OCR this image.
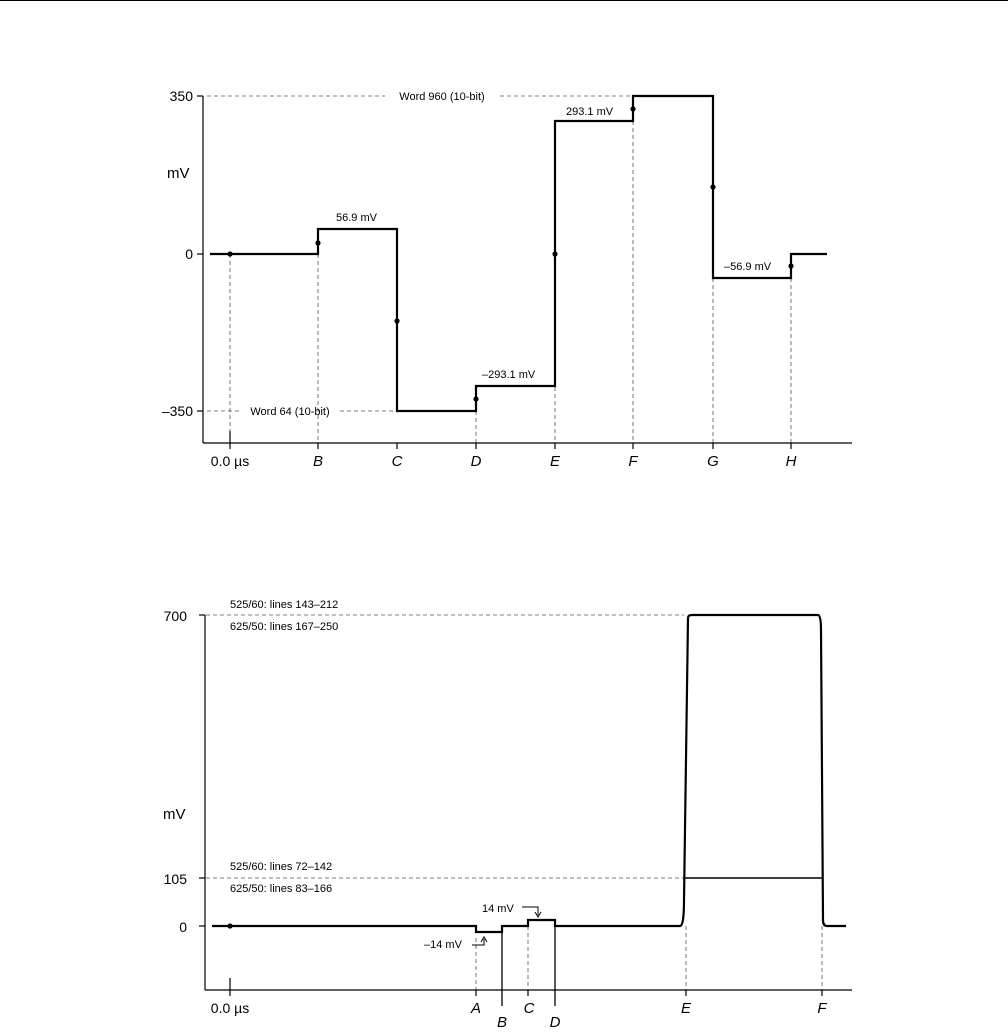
350
0
–350
mV
0.0 µs	B	C	D	E	F	G	H
Word 960 (10-bit)
Word 64 (10-bit)
56.9 mV
–293.1 mV
293.1 mV
–56.9 mV
700
105
0
mV
0.0 µs	A
B
C
D
E	F
525/60: lines 143–212
625/50: lines 167–250
525/60: lines 72–142
625/50: lines 83–166
14 mV
–14 mV
